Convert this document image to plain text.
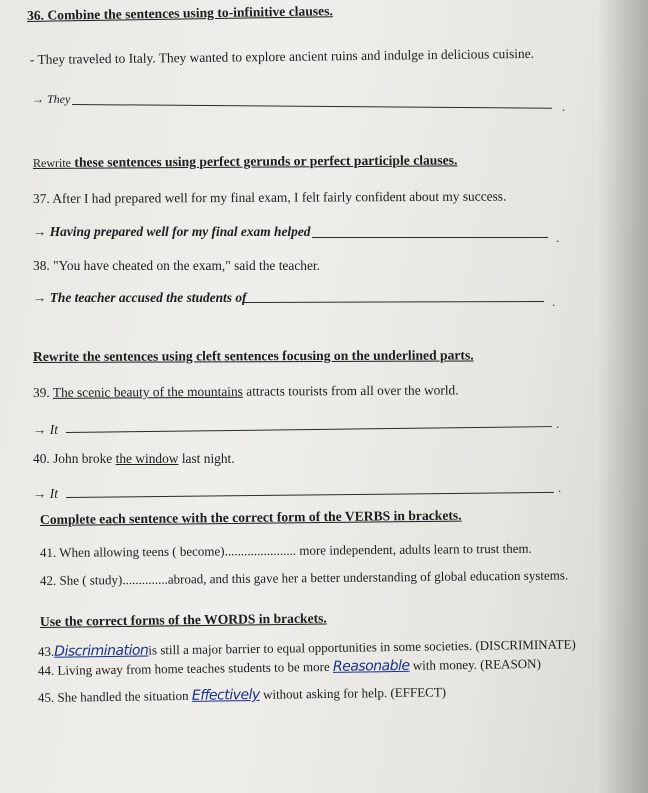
36. Combine the sentences using to-infinitive clauses.
- They traveled to Italy. They wanted to explore ancient ruins and indulge in delicious cuisine.
→ They	.
Rewrite these sentences using perfect gerunds or perfect participle clauses.
37. After I had prepared well for my final exam, I felt fairly confident about my success.
→ Having prepared well for my final exam helped	.
38. "You have cheated on the exam," said the teacher.
→ The teacher accused the students of	.
Rewrite the sentences using cleft sentences focusing on the underlined parts.
39. The scenic beauty of the mountains attracts tourists from all over the world.
→ It	.
40. John broke the window last night.
→ It	.
Complete each sentence with the correct form of the VERBS in brackets.
41. When allowing teens ( become)...................... more independent, adults learn to trust them.
42. She ( study)..............abroad, and this gave her a better understanding of global education systems.
Use the correct forms of the WORDS in brackets.
43.Discriminationis still a major barrier to equal opportunities in some societies. (DISCRIMINATE)
44. Living away from home teaches students to be more Reasonable with money. (REASON)
45. She handled the situation Effectively without asking for help. (EFFECT)
